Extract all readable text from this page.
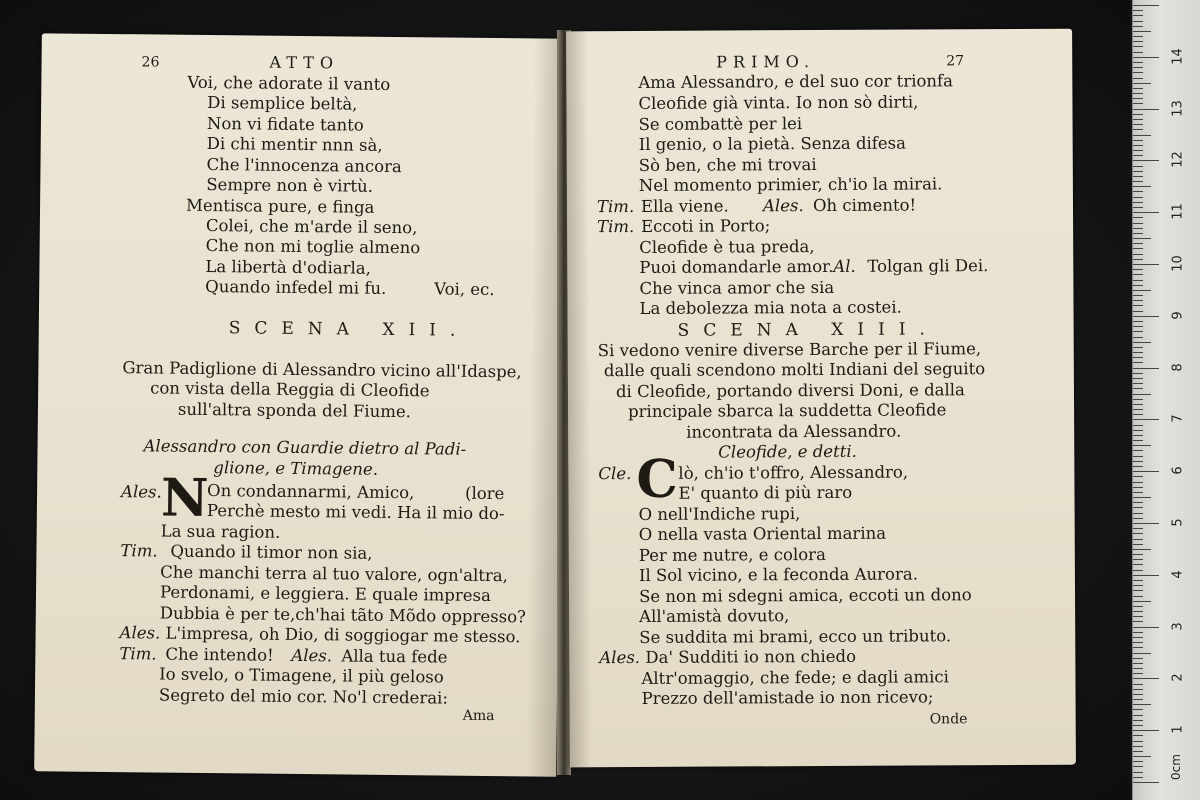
26	ATTO
Voi, che adorate il vanto
Di semplice beltà,
Non vi fidate tanto
Di chi mentir nnn sà,
Che l'innocenza ancora
Sempre non è virtù.
Mentisca pure, e finga
Colei, che m'arde il seno,
Che non mi toglie almeno
La libertà d'odiarla,
Quando infedel mi fu.	Voi, ec.
SCENA XII.
Gran Padiglione di Alessandro vicino all'Idaspe,
con vista della Reggia di Cleofide
sull'altra sponda del Fiume.
Alessandro con Guardie dietro al Padi-
glione, e Timagene.
Ales.
N
On condannarmi, Amico,	(lore
Perchè mesto mi vedi. Ha il mio do-
La sua ragion.
Tim. Quando il timor non sia,
Che manchi terra al tuo valore, ogn'altra,
Perdonami, e leggiera. E quale impresa
Dubbia è per te,ch'hai tãto Mõdo oppresso?
Ales. L'impresa, oh Dio, di soggiogar me stesso.
Tim. Che intendo! Ales. Alla tua fede
Io svelo, o Timagene, il più geloso
Segreto del mio cor. No'l crederai:
Ama
PRIMO.	27
Ama Alessandro, e del suo cor trionfa
Cleofide già vinta. Io non sò dirti,
Se combattè per lei
Il genio, o la pietà. Senza difesa
Sò ben, che mi trovai
Nel momento primier, ch'io la mirai.
Tim. Ella viene. Ales. Oh cimento!
Tim. Eccoti in Porto;
Cleofide è tua preda,
Puoi domandarle amor. Al. Tolgan gli Dei.
Che vinca amor che sia
La debolezza mia nota a costei.
SCENA XIII.
Si vedono venire diverse Barche per il Fiume,
dalle quali scendono molti Indiani del seguito
di Cleofide, portando diversi Doni, e dalla
principale sbarca la suddetta Cleofide
incontrata da Alessandro.
Cleofide, e detti.
Cle. C lò, ch'io t'offro, Alessandro,
E' quanto di più raro
O nell'Indiche rupi,
O nella vasta Oriental marina
Per me nutre, e colora
Il Sol vicino, e la feconda Aurora.
Se non mi sdegni amica, eccoti un dono
All'amistà dovuto,
Se suddita mi brami, ecco un tributo.
Ales. Da' Sudditi io non chiedo
Altr'omaggio, che fede; e dagli amici
Prezzo dell'amistade io non ricevo;
Onde
0cm
1
2
3
4
5
6
7
8
9
10
11
12
13
14
